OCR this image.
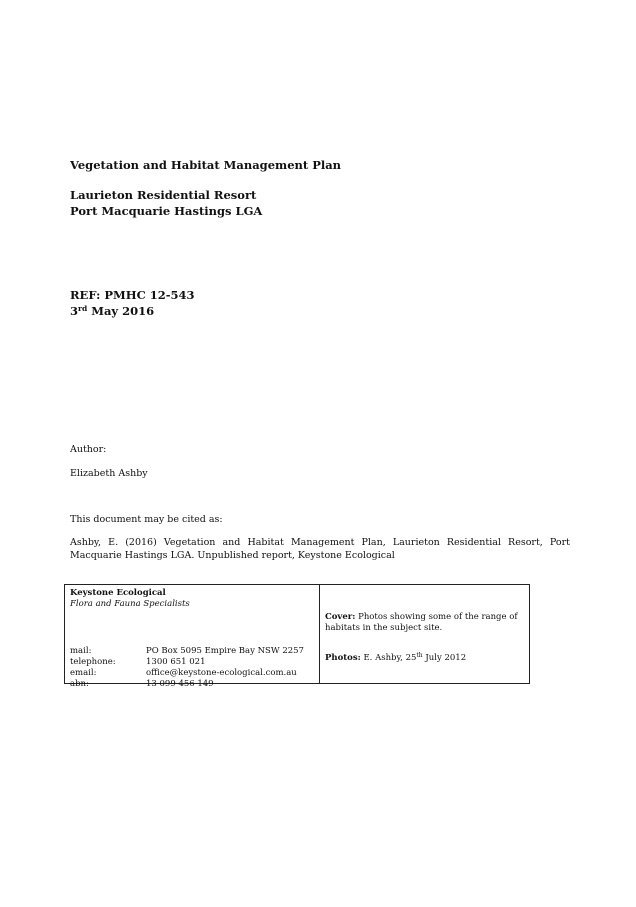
Vegetation and Habitat Management Plan
Laurieton Residential Resort
Port Macquarie Hastings LGA
REF: PMHC 12-543
3rd May 2016
Author:
Elizabeth Ashby
This document may be cited as:
Ashby, E. (2016) Vegetation and Habitat Management Plan, Laurieton Residential Resort, Port Macquarie Hastings LGA. Unpublished report, Keystone Ecological
Keystone Ecological
Flora and Fauna Specialists
mail:	PO Box 5095 Empire Bay NSW 2257
telephone:	1300 651 021
email:	office@keystone-ecological.com.au
abn:	13 099 456 149
Cover: Photos showing some of the range of habitats in the subject site.
Photos: E. Ashby, 25th July 2012
